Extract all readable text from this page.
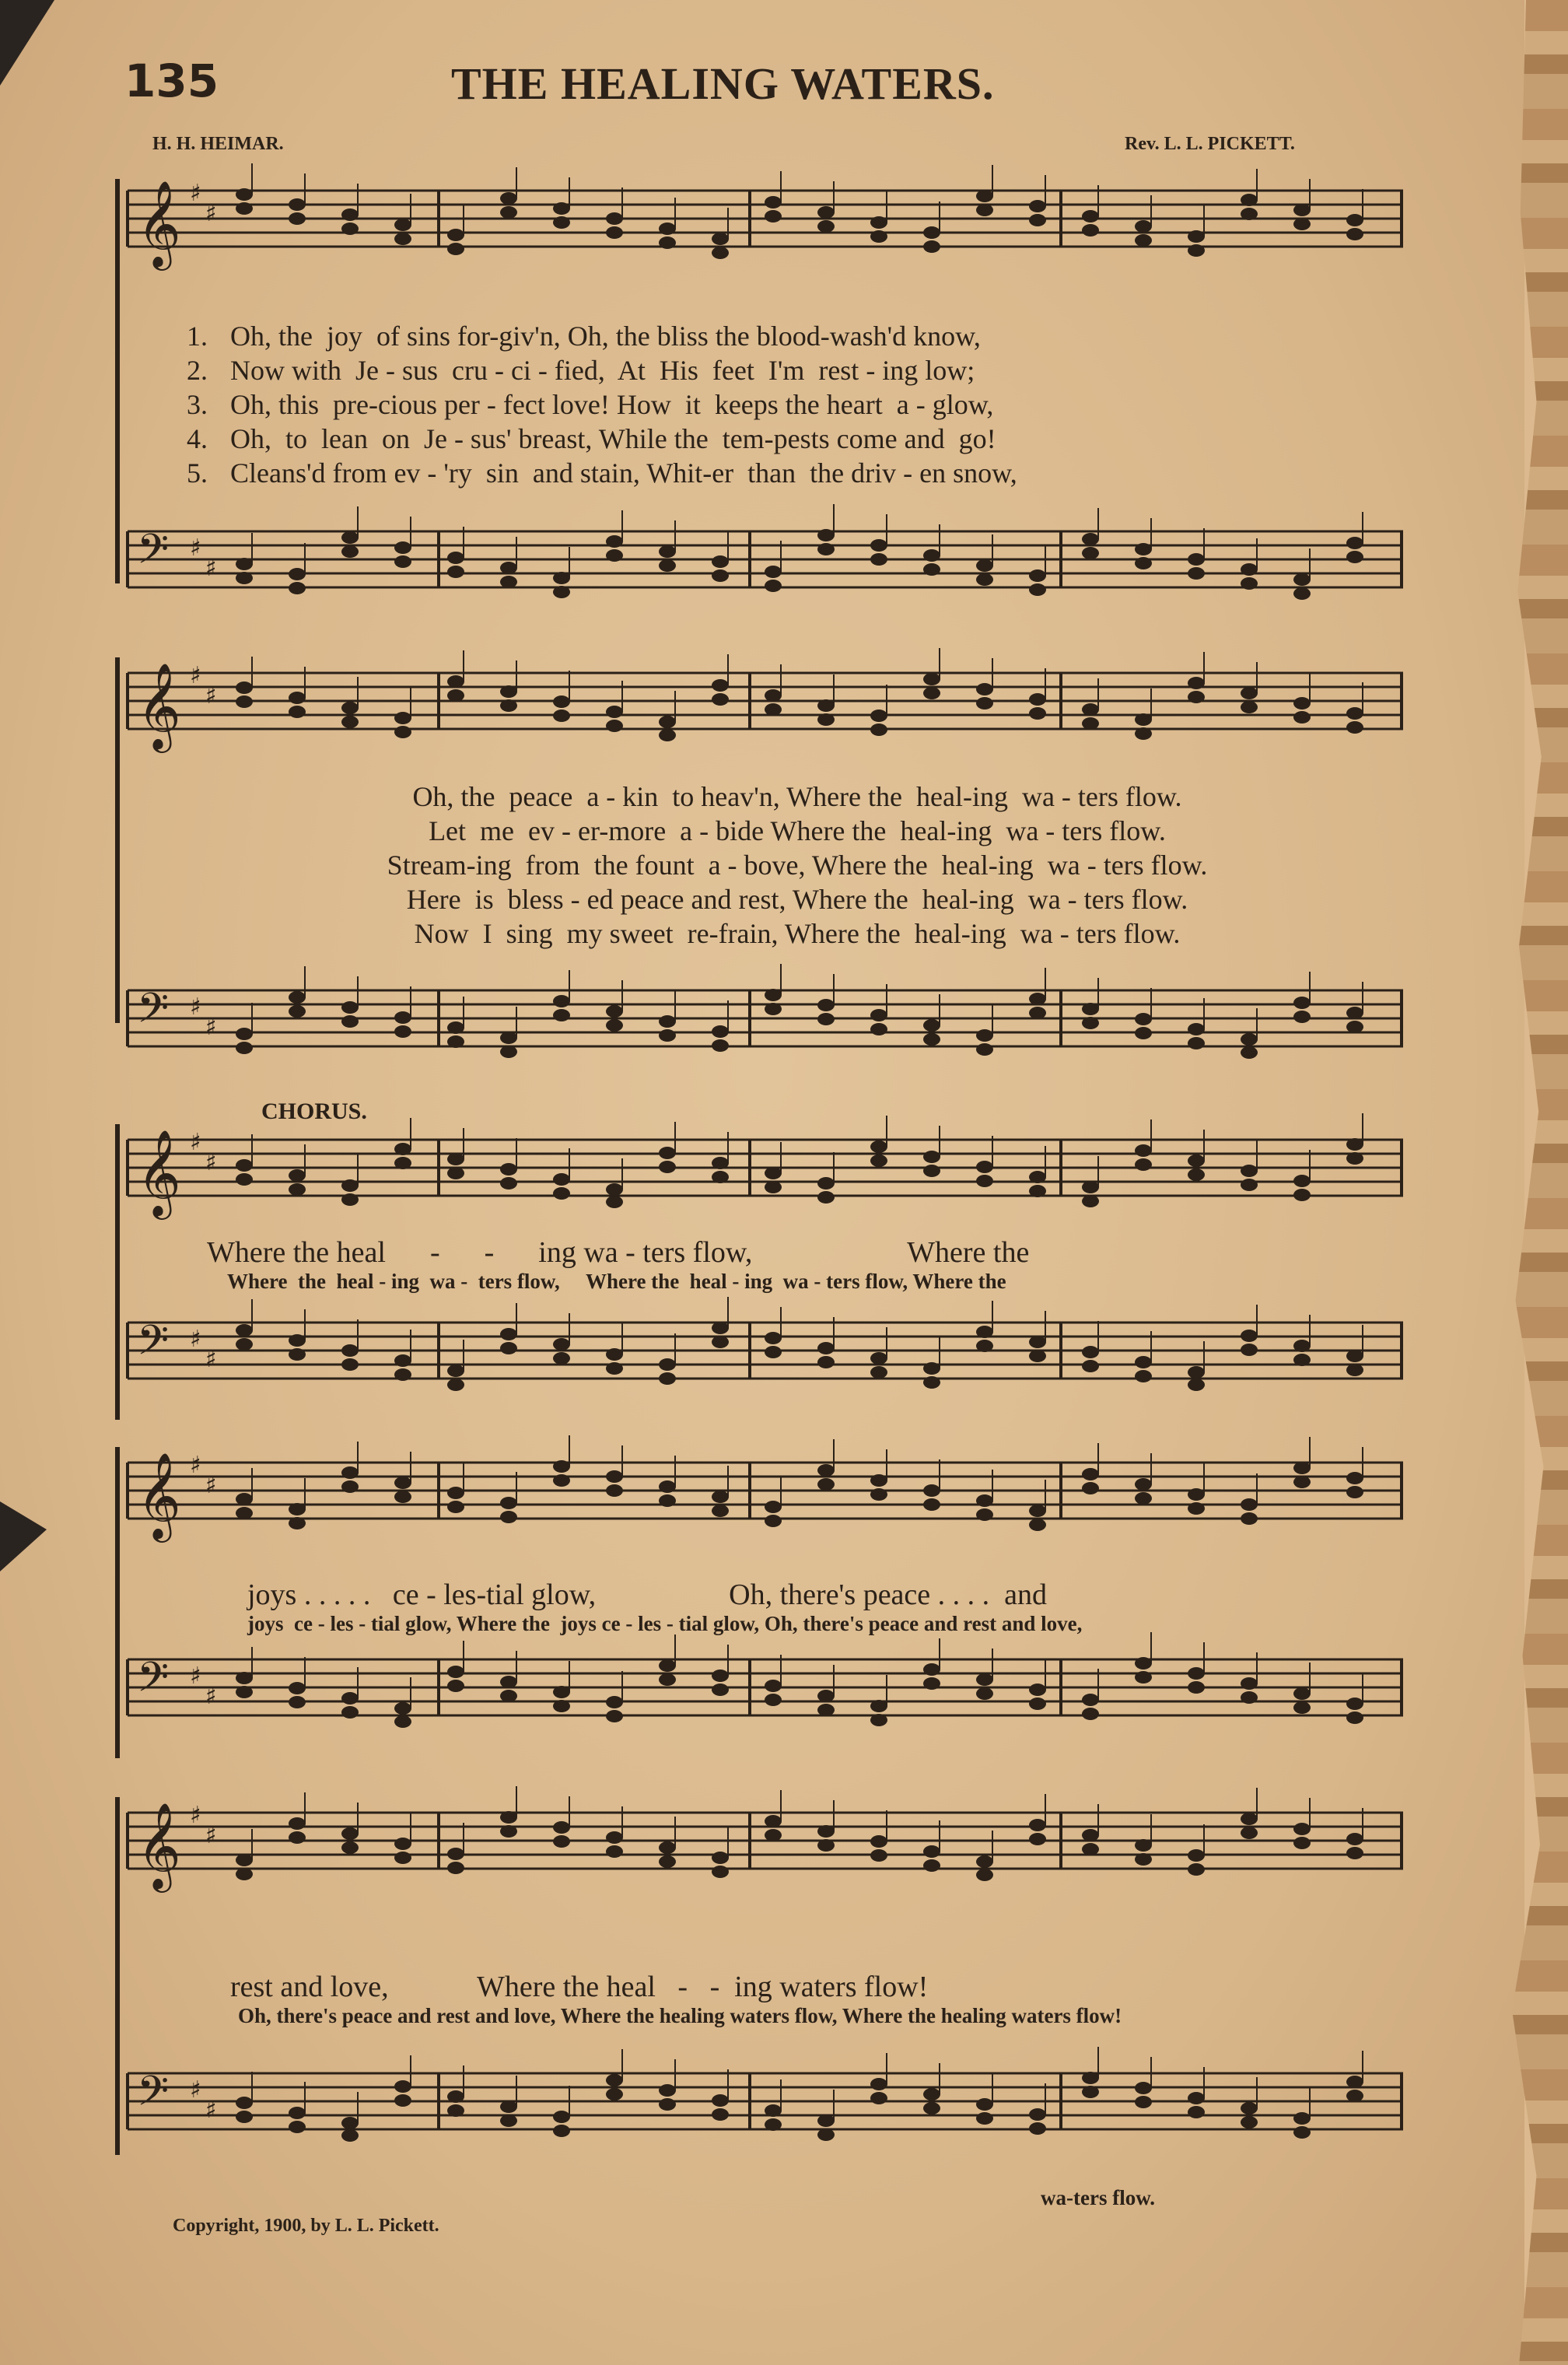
135	THE HEALING WATERS.
H. H. HEIMAR.	Rev. L. L. PICKETT.
𝄞 ♯
♯
𝄢 ♯
♯
𝄞 ♯
♯
𝄢 ♯
♯
𝄞 ♯
♯
𝄢 ♯
♯
𝄞 ♯
♯
𝄢 ♯
♯
𝄞 ♯
♯
𝄢 ♯
♯
1. Oh, the  joy  of sins for-giv'n, Oh, the bliss the blood-wash'd know,
2. Now with  Je - sus  cru - ci - fied,  At  His  feet  I'm  rest - ing low;
3. Oh, this  pre-cious per - fect love! How  it  keeps the heart  a - glow,
4. Oh,  to  lean  on  Je - sus' breast, While the  tem-pests come and  go!
5. Cleans'd from ev - 'ry  sin  and stain, Whit-er  than  the driv - en snow,
Oh, the  peace  a - kin  to heav'n, Where the  heal-ing  wa - ters flow.
Let  me  ev - er-more  a - bide Where the  heal-ing  wa - ters flow.
Stream-ing  from  the fount  a - bove, Where the  heal-ing  wa - ters flow.
Here  is  bless - ed peace and rest, Where the  heal-ing  wa - ters flow.
Now  I  sing  my sweet  re-frain, Where the  heal-ing  wa - ters flow.
CHORUS.
Where the heal      -      -      ing wa - ters flow,                     Where the
Where  the  heal - ing  wa -  ters flow,     Where the  heal - ing  wa - ters flow, Where the
joys . . . . .   ce - les-tial glow,                  Oh, there's peace . . . .  and
joys  ce - les - tial glow, Where the  joys ce - les - tial glow, Oh, there's peace and rest and love,
rest and love,            Where the heal   -   -  ing waters flow!
Oh, there's peace and rest and love, Where the healing waters flow, Where the healing waters flow!
wa-ters flow.
Copyright, 1900, by L. L. Pickett.
